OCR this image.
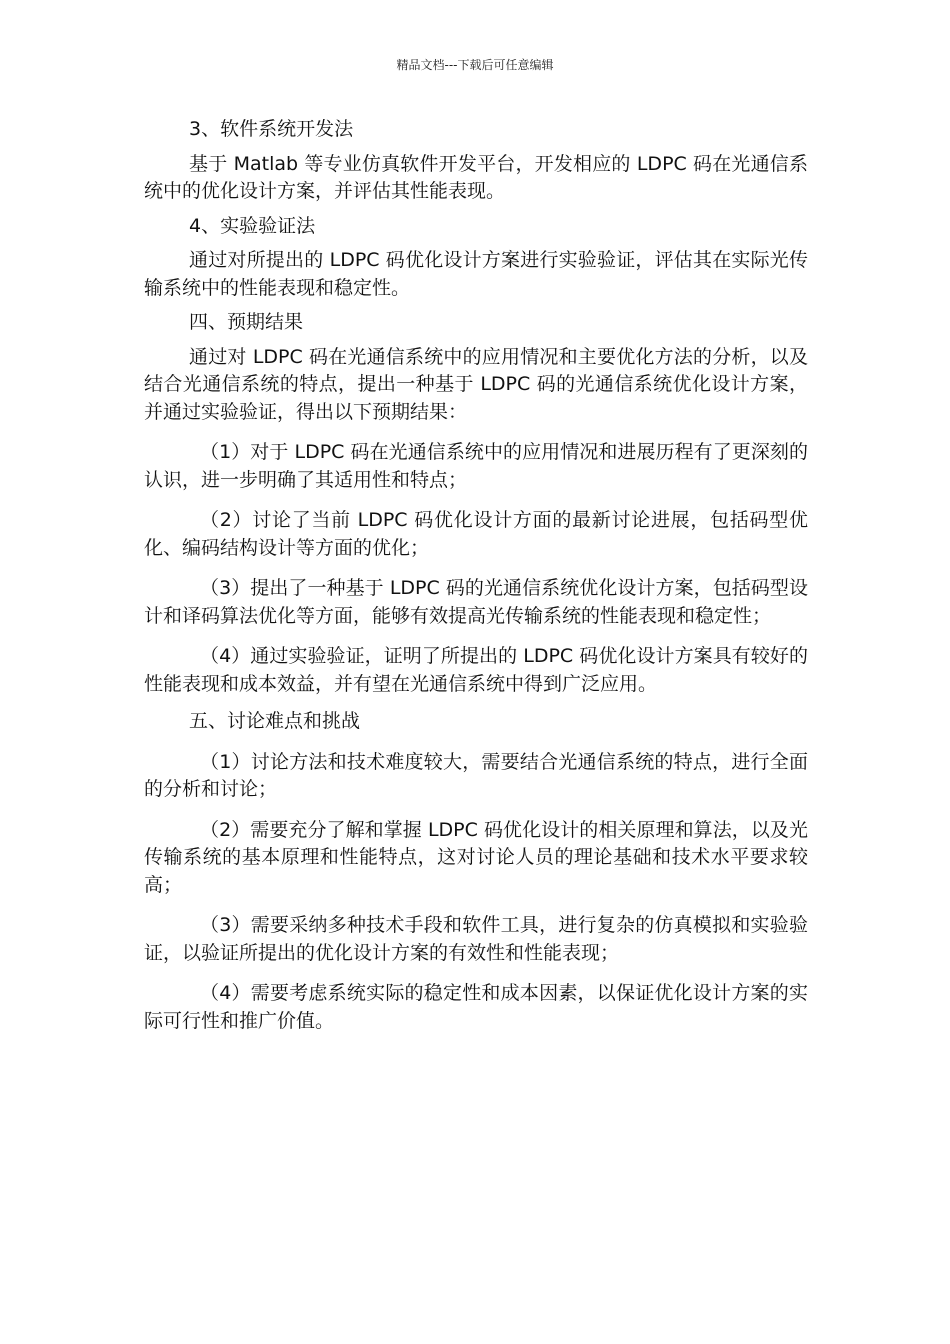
精品文档---下载后可任意编辑

3、软件系统开发法

基于 Matlab 等专业仿真软件开发平台，开发相应的 LDPC 码在光通信系统中的优化设计方案，并评估其性能表现。

4、实验验证法

通过对所提出的 LDPC 码优化设计方案进行实验验证，评估其在实际光传输系统中的性能表现和稳定性。

四、预期结果

通过对 LDPC 码在光通信系统中的应用情况和主要优化方法的分析，以及结合光通信系统的特点，提出一种基于 LDPC 码的光通信系统优化设计方案，并通过实验验证，得出以下预期结果：

（1）对于 LDPC 码在光通信系统中的应用情况和进展历程有了更深刻的认识，进一步明确了其适用性和特点；

（2）讨论了当前 LDPC 码优化设计方面的最新讨论进展，包括码型优化、编码结构设计等方面的优化；

（3）提出了一种基于 LDPC 码的光通信系统优化设计方案，包括码型设计和译码算法优化等方面，能够有效提高光传输系统的性能表现和稳定性；

（4）通过实验验证，证明了所提出的 LDPC 码优化设计方案具有较好的性能表现和成本效益，并有望在光通信系统中得到广泛应用。

五、讨论难点和挑战

（1）讨论方法和技术难度较大，需要结合光通信系统的特点，进行全面的分析和讨论；

（2）需要充分了解和掌握 LDPC 码优化设计的相关原理和算法，以及光传输系统的基本原理和性能特点，这对讨论人员的理论基础和技术水平要求较高；

（3）需要采纳多种技术手段和软件工具，进行复杂的仿真模拟和实验验证，以验证所提出的优化设计方案的有效性和性能表现；

（4）需要考虑系统实际的稳定性和成本因素，以保证优化设计方案的实际可行性和推广价值。
